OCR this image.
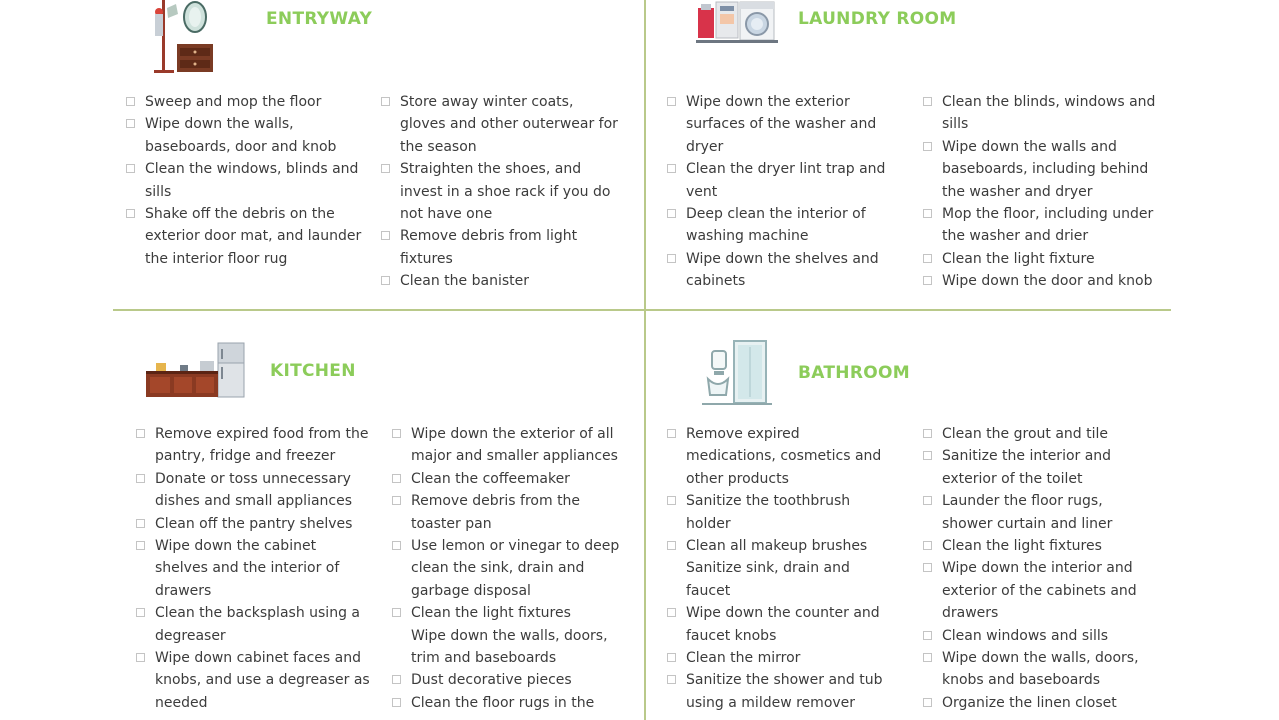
ENTRYWAY
Sweep and mop the floor
Wipe down the walls, baseboards, door and knob
Clean the windows, blinds and sills
Shake off the debris on the exterior door mat, and launder the interior floor rug
Store away winter coats, gloves and other outerwear for the season
Straighten the shoes, and invest in a shoe rack if you do not have one
Remove debris from light fixtures
Clean the banister
LAUNDRY ROOM
Wipe down the exterior surfaces of the washer and dryer
Clean the dryer lint trap and vent
Deep clean the interior of washing machine
Wipe down the shelves and cabinets
Clean the blinds, windows and sills
Wipe down the walls and baseboards, including behind the washer and dryer
Mop the floor, including under the washer and drier
Clean the light fixture
Wipe down the door and knob
KITCHEN
Remove expired food from the pantry, fridge and freezer
Donate or toss unnecessary dishes and small appliances
Clean off the pantry shelves
Wipe down the cabinet shelves and the interior of drawers
Clean the backsplash using a degreaser
Wipe down cabinet faces and knobs, and use a degreaser as needed
Wipe down the exterior of all major and smaller appliances
Clean the coffeemaker
Remove debris from the toaster pan
Use lemon or vinegar to deep clean the sink, drain and garbage disposal
Clean the light fixtures
Wipe down the walls, doors, trim and baseboards
Dust decorative pieces
Clean the floor rugs in the
BATHROOM
Remove expired medications, cosmetics and other products
Sanitize the toothbrush holder
Clean all makeup brushes
Sanitize sink, drain and faucet
Wipe down the counter and faucet knobs
Clean the mirror
Sanitize the shower and tub using a mildew remover
Clean the grout and tile
Sanitize the interior and exterior of the toilet
Launder the floor rugs, shower curtain and liner
Clean the light fixtures
Wipe down the interior and exterior of the cabinets and drawers
Clean windows and sills
Wipe down the walls, doors, knobs and baseboards
Organize the linen closet
